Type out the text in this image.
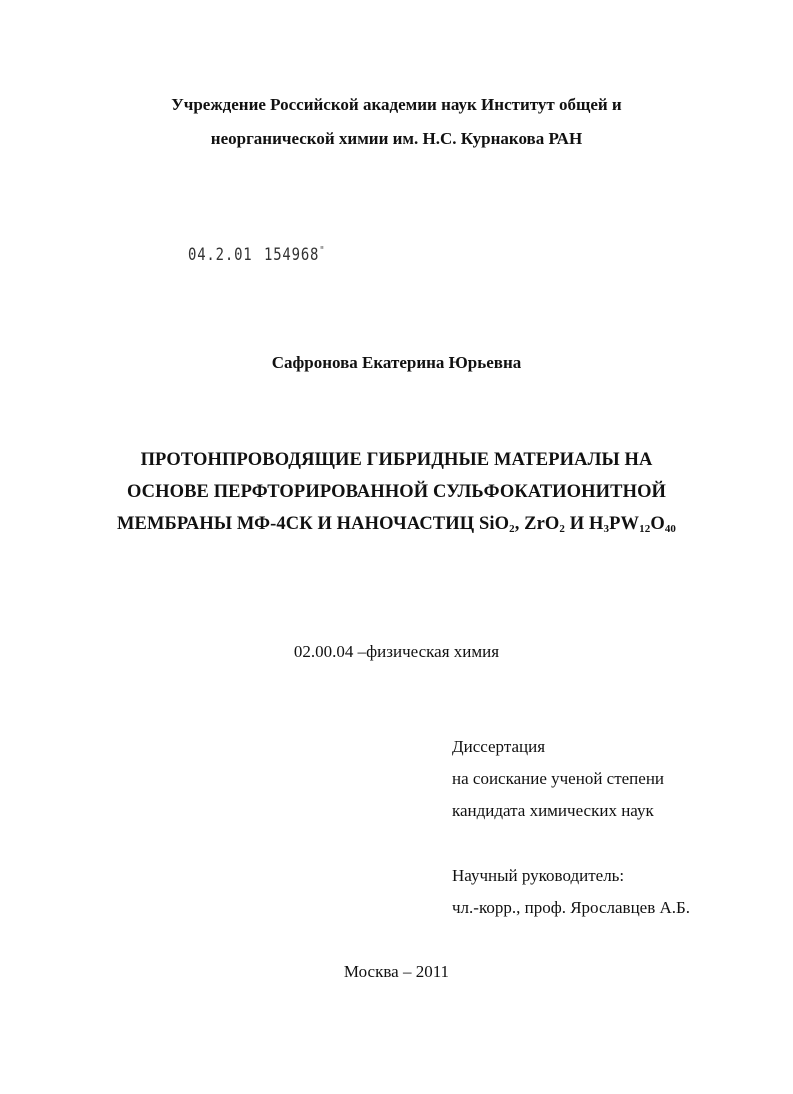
Учреждение Российской академии наук Институт общей и
неорганической химии им. Н.С. Курнакова РАН
04.2.01 154968"
Сафронова Екатерина Юрьевна
ПРОТОНПРОВОДЯЩИЕ ГИБРИДНЫЕ МАТЕРИАЛЫ НА
ОСНОВЕ ПЕРФТОРИРОВАННОЙ СУЛЬФОКАТИОНИТНОЙ
МЕМБРАНЫ МФ-4СК И НАНОЧАСТИЦ SiO$_2$, ZrO$_2$ И $H_3PW_{12}O_{40}$
02.00.04 –физическая химия
Диссертация
на соискание ученой степени
кандидата химических наук
Научный руководитель:
чл.-корр., проф. Ярославцев А.Б.
Москва – 2011
